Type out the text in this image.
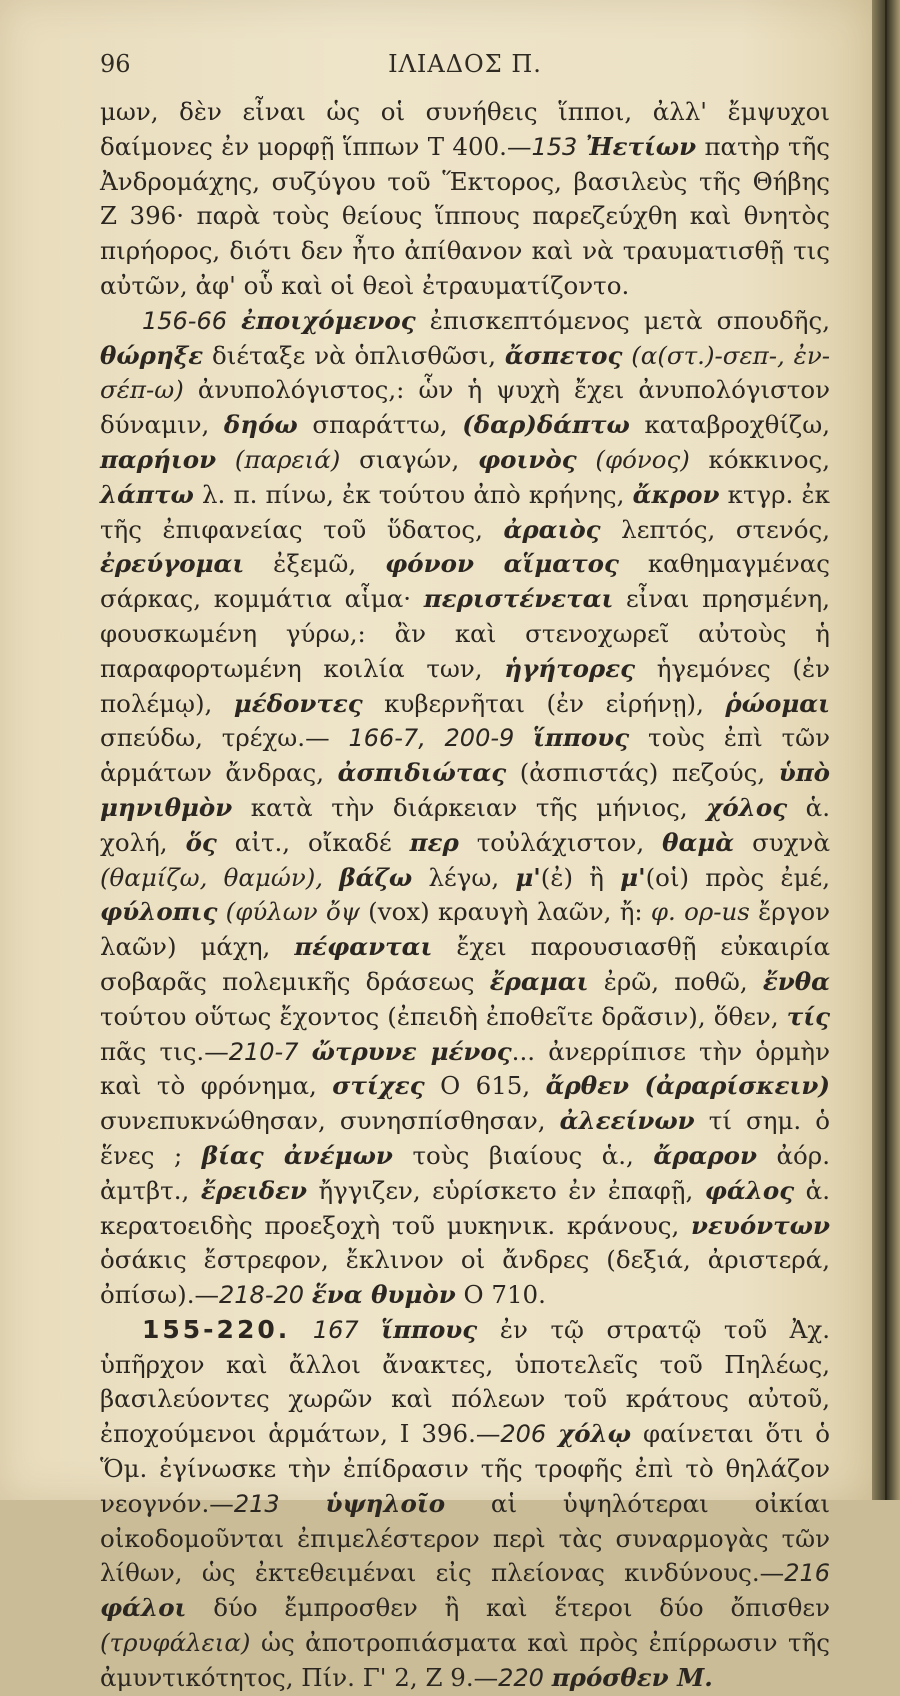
96	ΙΛΙΑΔΟΣ Π.

μων, δὲν εἶναι ὡς οἱ συνήθεις ἵπποι, ἀλλ' ἔμψυχοι δαίμονες ἐν μορφῇ ἵππων Τ 400.—153 Ἠετίων πατὴρ τῆς Ἀνδρομάχης, συζύγου τοῦ Ἕκτορος, βασιλεὺς τῆς Θήβης Ζ 396· παρὰ τοὺς θείους ἵππους παρεζεύχθη καὶ θνητὸς πιρήορος, διότι δεν ἦτο ἀπίθανον καὶ νὰ τραυματισθῇ τις αὐτῶν, ἀφ' οὗ καὶ οἱ θεοὶ ἐτραυματίζοντο.

156-66 ἐποιχόμενος ἐπισκεπτόμενος μετὰ σπουδῆς, θώρηξε διέταξε νὰ ὁπλισθῶσι, ἄσπετος (α(στ.)-σεπ-, ἐν-σέπ-ω) ἀνυπολόγιστος,: ὧν ἡ ψυχὴ ἔχει ἀνυπολόγιστον δύναμιν, δηόω σπαράττω, (δαρ)δάπτω καταβροχθίζω, παρήιον (παρειά) σιαγών, φοινὸς (φόνος) κόκκινος, λάπτω λ. π. πίνω, ἐκ τούτου ἀπὸ κρήνης, ἄκρον κτγρ. ἐκ τῆς ἐπιφανείας τοῦ ὕδατος, ἀραιὸς λεπτός, στενός, ἐρεύγομαι ἐξεμῶ, φόνον αἵματος καθημαγμένας σάρκας, κομμάτια αἷμα· περιστένεται εἶναι πρησμένη, φουσκωμένη γύρω,: ἂν καὶ στενοχωρεῖ αὐτοὺς ἡ παραφορτωμένη κοιλία των, ἡγήτορες ἡγεμόνες (ἐν πολέμῳ), μέδοντες κυβερνῆται (ἐν εἰρήνῃ), ῥώομαι σπεύδω, τρέχω.— 166-7, 200-9 ἵππους τοὺς ἐπὶ τῶν ἁρμάτων ἄνδρας, ἀσπιδιώτας (ἀσπιστάς) πεζούς, ὑπὸ μηνιθμὸν κατὰ τὴν διάρκειαν τῆς μήνιος, χόλος ἁ. χολή, ὅς αἰτ., οἴκαδέ περ τοὐλάχιστον, θαμὰ συχνὰ (θαμίζω, θαμών), βάζω λέγω, μ'(ἐ) ἢ μ'(οἱ) πρὸς ἐμέ, φύλοπις (φύλων ὄψ (vox) κραυγὴ λαῶν, ἤ: φ. ορ-us ἔργον λαῶν) μάχη, πέφανται ἔχει παρουσιασθῇ εὐκαιρία σοβαρᾶς πολεμικῆς δράσεως ἔραμαι ἐρῶ, ποθῶ, ἔνθα τούτου οὕτως ἔχοντος (ἐπειδὴ ἐποθεῖτε δρᾶσιν), ὅθεν, τίς πᾶς τις.—210-7 ὤτρυνε μένος... ἀνερρίπισε τὴν ὁρμὴν καὶ τὸ φρόνημα, στίχες Ο 615, ἄρθεν (ἀραρίσκειν) συνεπυκνώθησαν, συνησπίσθησαν, ἀλεείνων τί σημ. ὁ ἕνες ; βίας ἀνέμων τοὺς βιαίους ἁ., ἄραρον ἀόρ. ἀμτβτ., ἔρειδεν ἤγγιζεν, εὑρίσκετο ἐν ἐπαφῇ, φάλος ἁ. κερατοειδὴς προεξοχὴ τοῦ μυκηνικ. κράνους, νευόντων ὁσάκις ἔστρεφον, ἔκλινον οἱ ἄνδρες (δεξιά, ἀριστερά, ὀπίσω).—218-20 ἕνα θυμὸν Ο 710.

155-220. 167 ἵππους ἐν τῷ στρατῷ τοῦ Ἀχ. ὑπῆρχον καὶ ἄλλοι ἄνακτες, ὑποτελεῖς τοῦ Πηλέως, βασιλεύοντες χωρῶν καὶ πόλεων τοῦ κράτους αὐτοῦ, ἐποχούμενοι ἁρμάτων, Ι 396.—206 χόλῳ φαίνεται ὅτι ὁ Ὅμ. ἐγίνωσκε τὴν ἐπίδρασιν τῆς τροφῆς ἐπὶ τὸ θηλάζον νεογνόν.—213 ὑψηλοῖο αἱ ὑψηλότεραι οἰκίαι οἰκοδομοῦνται ἐπιμελέστερον περὶ τὰς συναρμογὰς τῶν λίθων, ὡς ἐκτεθειμέναι εἰς πλείονας κινδύνους.—216 φάλοι δύο ἔμπροσθεν ἢ καὶ ἕτεροι δύο ὄπισθεν (τρυφάλεια) ὡς ἀποτροπιάσματα καὶ πρὸς ἐπίρρωσιν τῆς ἀμυντικότητος, Πίν. Γ' 2, Ζ 9.—220 πρόσθεν Μ.
